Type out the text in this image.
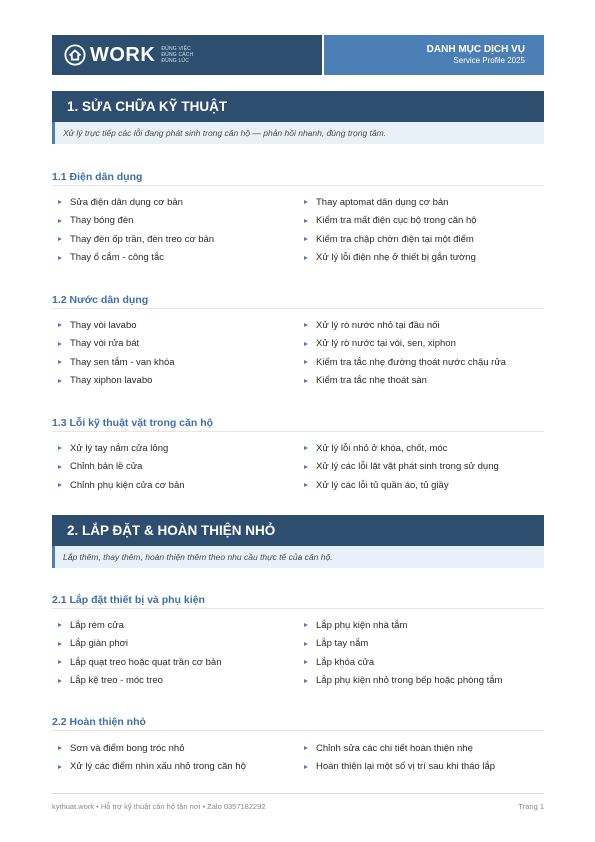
WORK ĐÚNG VIỆC
ĐÚNG CÁCH
ĐÚNG LÚC
DANH MỤC DỊCH VỤ
Service Profile 2025
1. SỬA CHỮA KỸ THUẬT
Xử lý trực tiếp các lỗi đang phát sinh trong căn hộ — phản hồi nhanh, đúng trọng tâm.
1.1 Điện dân dụng
Sửa điện dân dụng cơ bản
Thay bóng đèn
Thay đèn ốp trần, đèn treo cơ bản
Thay ổ cắm - công tắc
Thay aptomat dân dụng cơ bản
Kiểm tra mất điện cục bộ trong căn hộ
Kiểm tra chập chờn điện tại một điểm
Xử lý lỗi điện nhẹ ở thiết bị gắn tường
1.2 Nước dân dụng
Thay vòi lavabo
Thay vòi rửa bát
Thay sen tắm - van khóa
Thay xiphon lavabo
Xử lý rò nước nhỏ tại đầu nối
Xử lý rò nước tại vòi, sen, xiphon
Kiểm tra tắc nhẹ đường thoát nước chậu rửa
Kiểm tra tắc nhẹ thoát sàn
1.3 Lỗi kỹ thuật vặt trong căn hộ
Xử lý tay nắm cửa lỏng
Chỉnh bản lề cửa
Chỉnh phụ kiện cửa cơ bản
Xử lý lỗi nhỏ ở khóa, chốt, móc
Xử lý các lỗi lặt vặt phát sinh trong sử dụng
Xử lý các lỗi tủ quần áo, tủ giầy
2. LẮP ĐẶT & HOÀN THIỆN NHỎ
Lắp thêm, thay thêm, hoàn thiện thêm theo nhu cầu thực tế của căn hộ.
2.1 Lắp đặt thiết bị và phụ kiện
Lắp rèm cửa
Lắp giàn phơi
Lắp quạt treo hoặc quạt trần cơ bản
Lắp kệ treo - móc treo
Lắp phụ kiện nhà tắm
Lắp tay nắm
Lắp khóa cửa
Lắp phụ kiện nhỏ trong bếp hoặc phòng tắm
2.2 Hoàn thiện nhỏ
Sơn và điểm bong tróc nhỏ
Xử lý các điểm nhìn xấu nhỏ trong căn hộ
Chỉnh sửa các chi tiết hoàn thiện nhẹ
Hoàn thiện lại một số vị trí sau khi tháo lắp
kythuat.work • Hỗ trợ kỹ thuật căn hộ tận nơi • Zalo 0357182292	Trang 1
